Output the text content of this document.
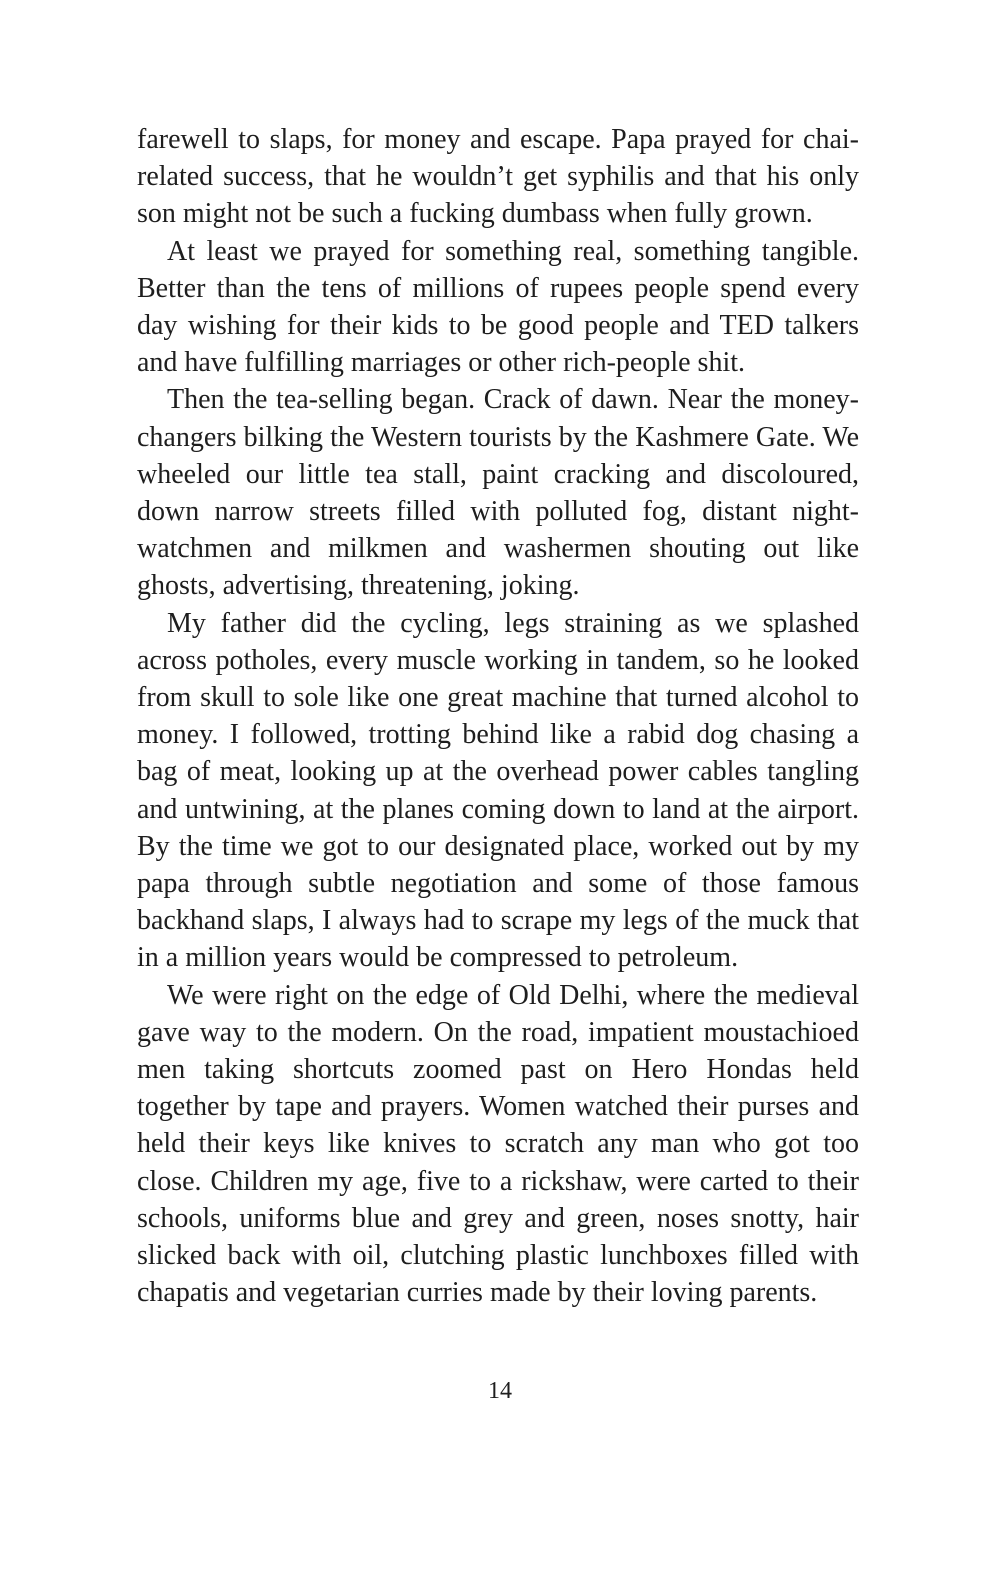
farewell to slaps, for money and escape. Papa prayed for chai-related success, that he wouldn’t get syphilis and that his only son might not be such a fucking dumbass when fully grown.

At least we prayed for something real, something tangible. Better than the tens of millions of rupees people spend every day wishing for their kids to be good people and TED talkers and have fulfilling marriages or other rich-people shit.

Then the tea-selling began. Crack of dawn. Near the money-changers bilking the Western tourists by the Kashmere Gate. We wheeled our little tea stall, paint cracking and discoloured, down narrow streets filled with polluted fog, distant night-watchmen and milkmen and washermen shouting out like ghosts, advertising, threatening, joking.

My father did the cycling, legs straining as we splashed across potholes, every muscle working in tandem, so he looked from skull to sole like one great machine that turned alcohol to money. I followed, trotting behind like a rabid dog chasing a bag of meat, looking up at the overhead power cables tangling and untwining, at the planes coming down to land at the airport. By the time we got to our designated place, worked out by my papa through subtle negotiation and some of those famous backhand slaps, I always had to scrape my legs of the muck that in a million years would be compressed to petroleum.

We were right on the edge of Old Delhi, where the medieval gave way to the modern. On the road, impatient moustachioed men taking shortcuts zoomed past on Hero Hondas held together by tape and prayers. Women watched their purses and held their keys like knives to scratch any man who got too close. Children my age, five to a rickshaw, were carted to their schools, uniforms blue and grey and green, noses snotty, hair slicked back with oil, clutching plastic lunchboxes filled with chapatis and vegetarian curries made by their loving parents.

14
